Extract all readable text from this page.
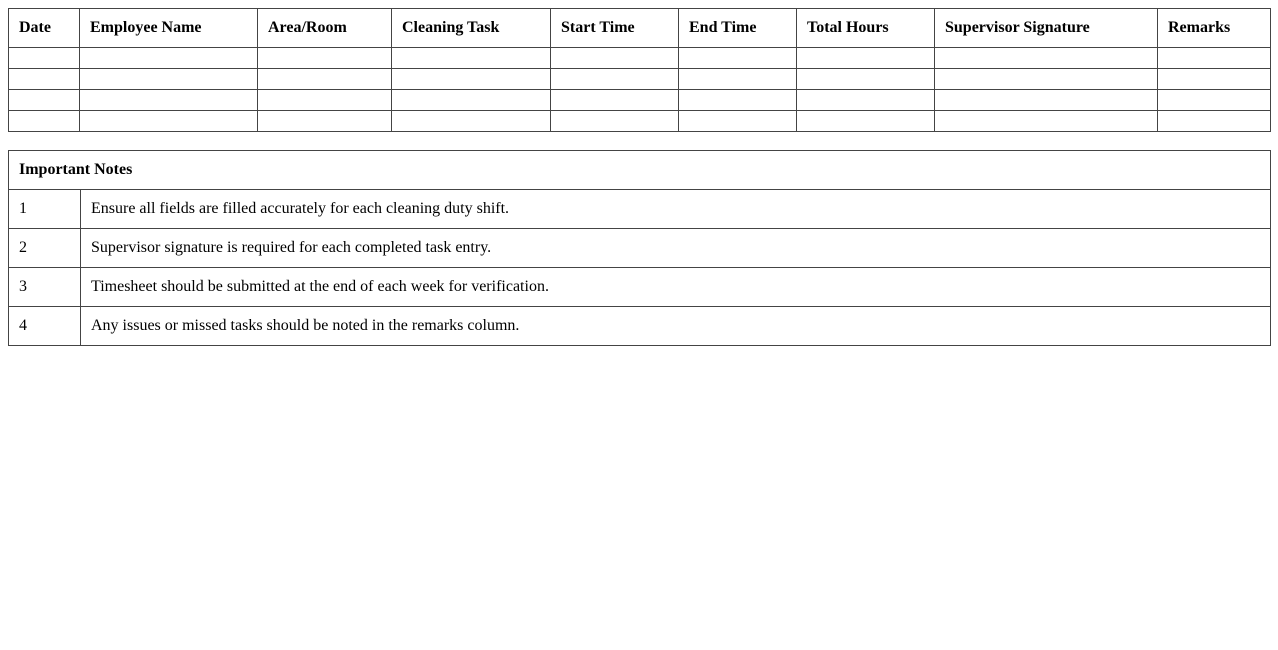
Date	Employee Name	Area/Room	Cleaning Task	Start Time	End Time	Total Hours	Supervisor Signature	Remarks

Important Notes	
1	Ensure all fields are filled accurately for each cleaning duty shift.
2	Supervisor signature is required for each completed task entry.
3	Timesheet should be submitted at the end of each week for verification.
4	Any issues or missed tasks should be noted in the remarks column.
